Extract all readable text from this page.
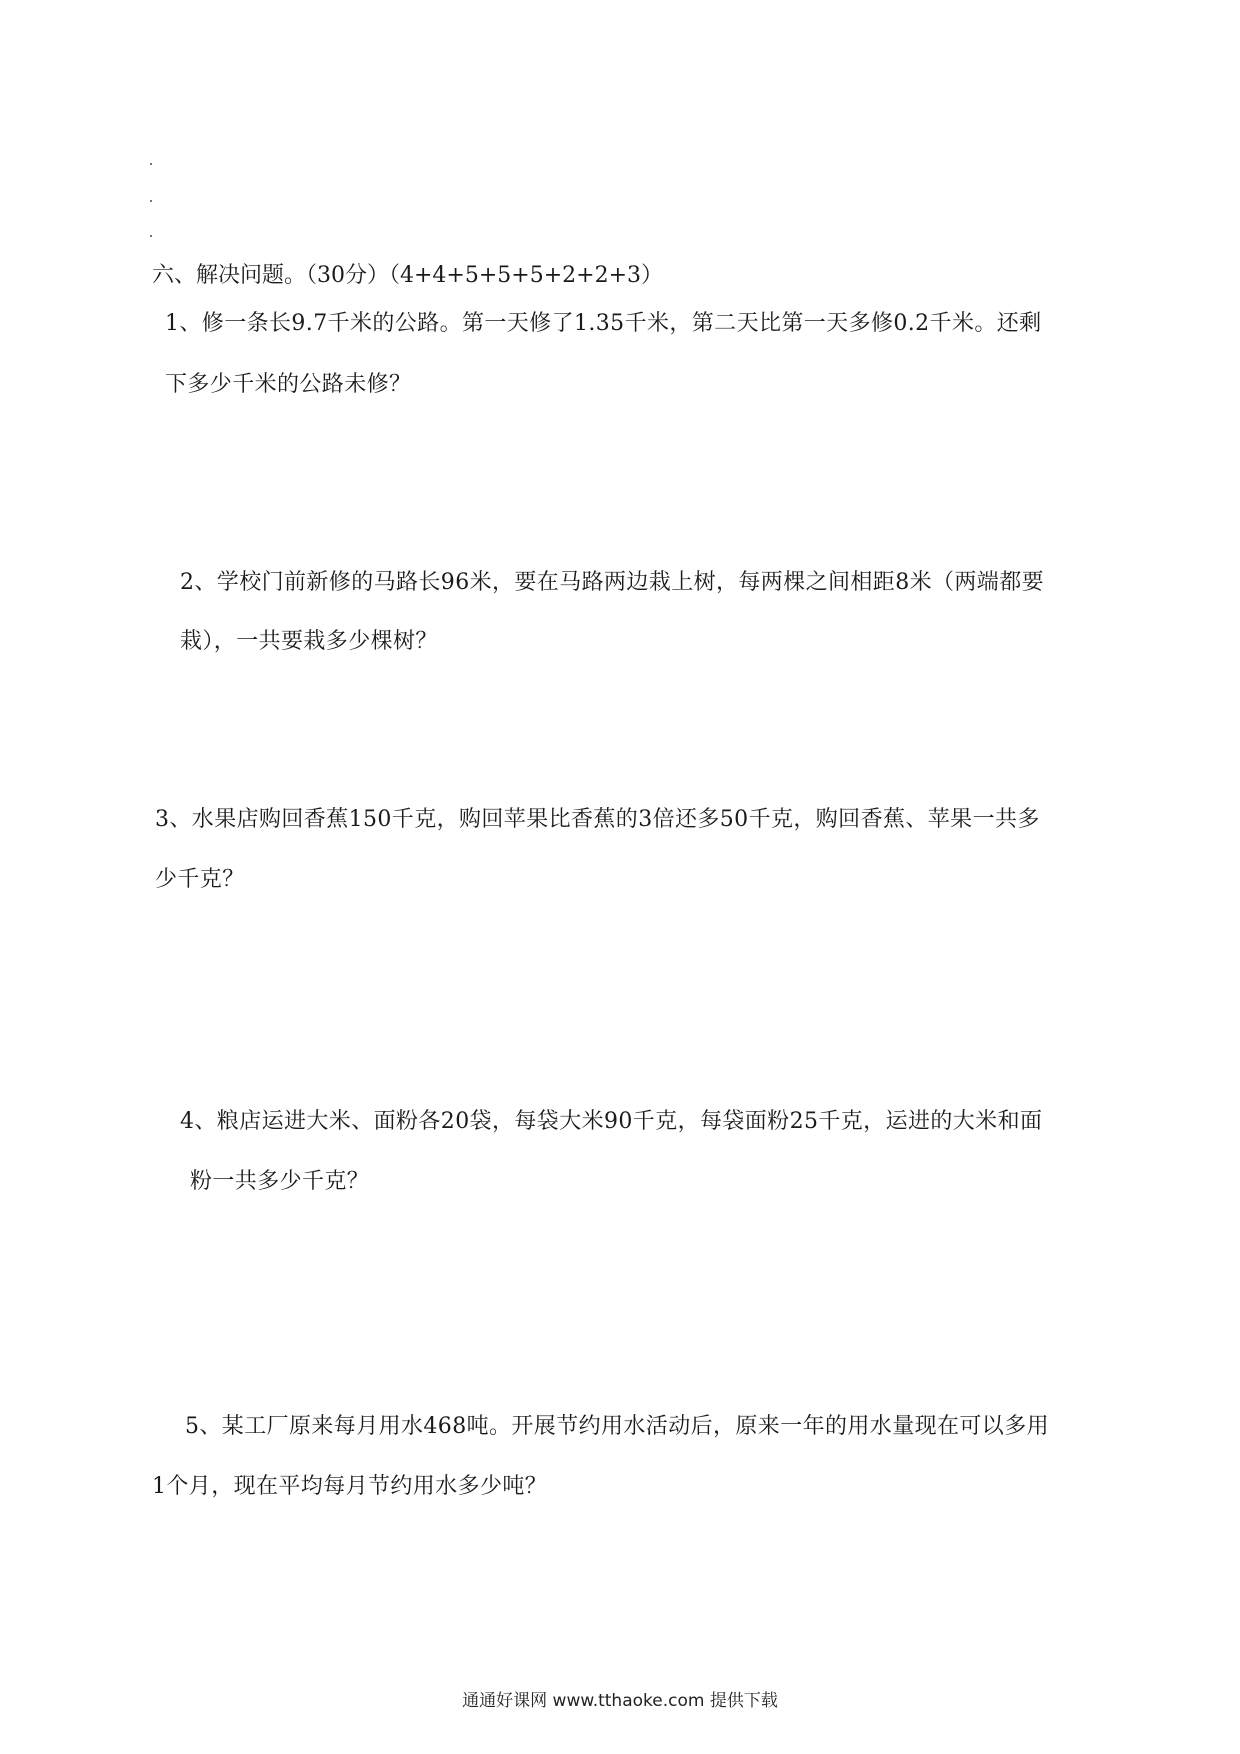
六、解决问题。（30分）（4+4+5+5+5+2+2+3）
1、修一条长9.7千米的公路。第一天修了1.35千米，第二天比第一天多修0.2千米。还剩
下多少千米的公路未修？
2、学校门前新修的马路长96米，要在马路两边栽上树，每两棵之间相距8米（两端都要
栽），一共要栽多少棵树？
3、水果店购回香蕉150千克，购回苹果比香蕉的3倍还多50千克，购回香蕉、苹果一共多
少千克？
4、粮店运进大米、面粉各20袋，每袋大米90千克，每袋面粉25千克，运进的大米和面
粉一共多少千克？
5、某工厂原来每月用水468吨。开展节约用水活动后，原来一年的用水量现在可以多用
1个月，现在平均每月节约用水多少吨？
通通好课网 www.tthaoke.com 提供下载
